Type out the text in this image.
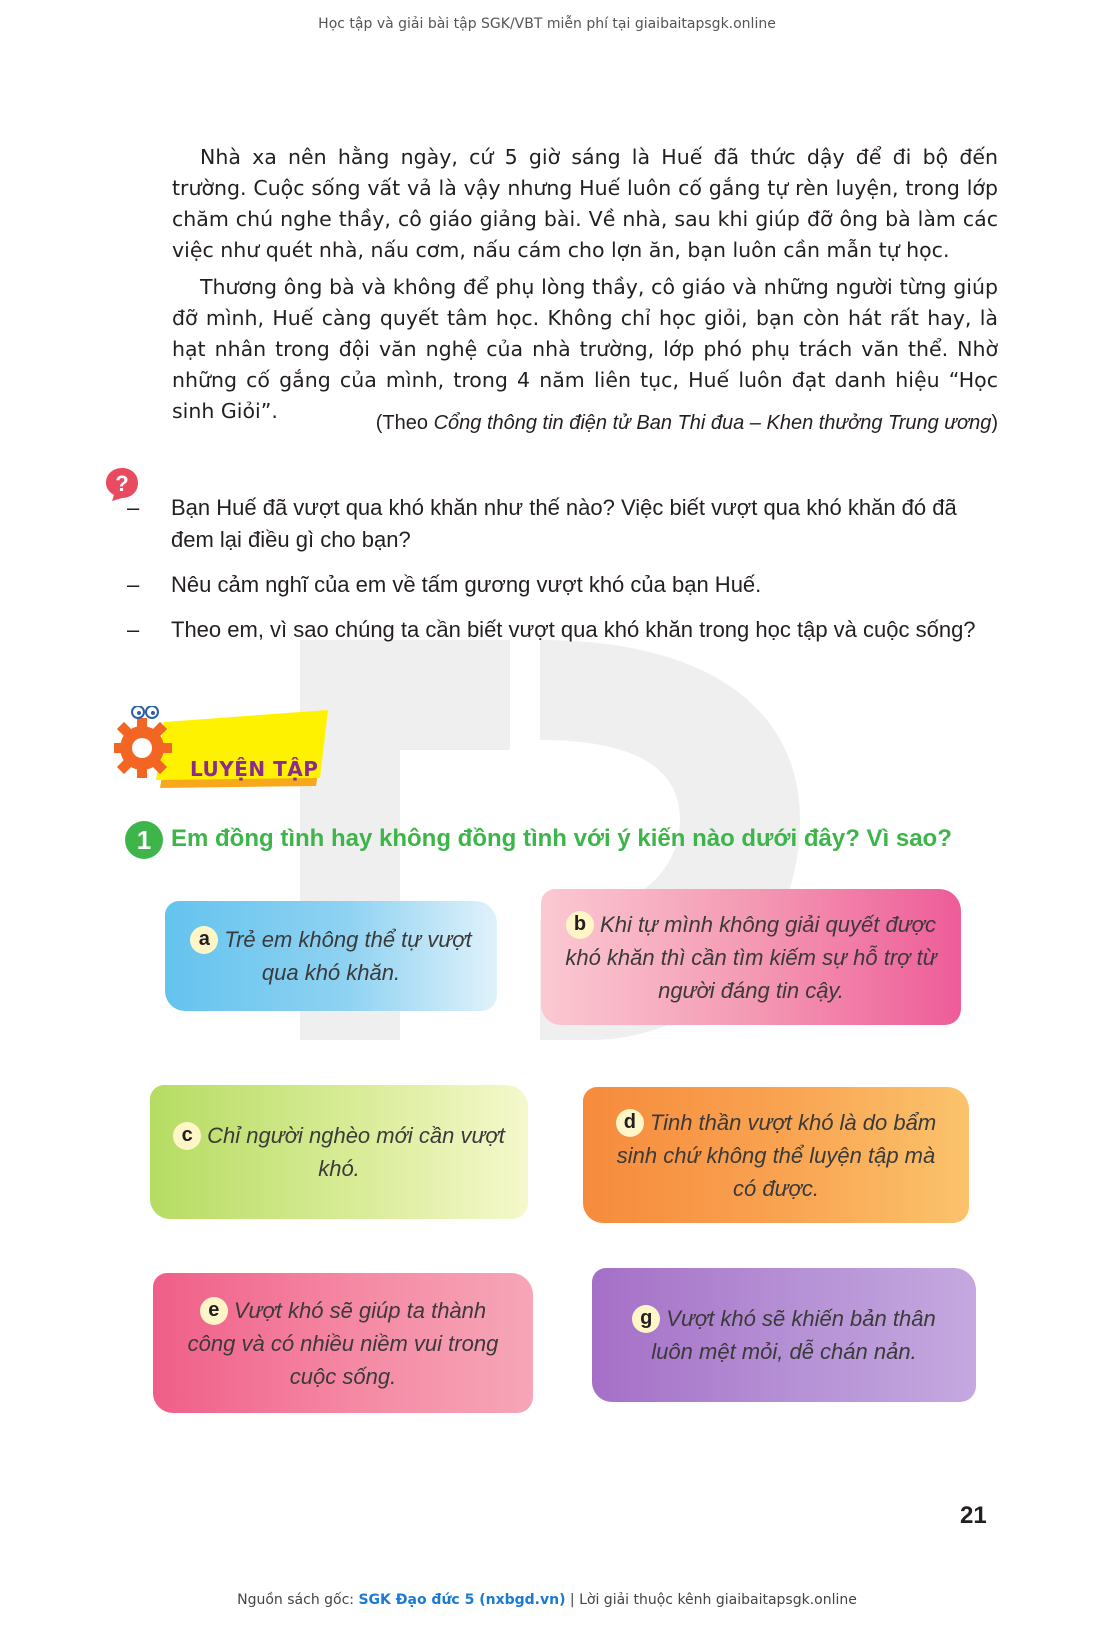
Học tập và giải bài tập SGK/VBT miễn phí tại giaibaitapsgk.online

Nhà xa nên hằng ngày, cứ 5 giờ sáng là Huế đã thức dậy để đi bộ đến trường. Cuộc sống vất vả là vậy nhưng Huế luôn cố gắng tự rèn luyện, trong lớp chăm chú nghe thầy, cô giáo giảng bài. Về nhà, sau khi giúp đỡ ông bà làm các việc như quét nhà, nấu cơm, nấu cám cho lợn ăn, bạn luôn cần mẫn tự học.

Thương ông bà và không để phụ lòng thầy, cô giáo và những người từng giúp đỡ mình, Huế càng quyết tâm học. Không chỉ học giỏi, bạn còn hát rất hay, là hạt nhân trong đội văn nghệ của nhà trường, lớp phó phụ trách văn thể. Nhờ những cố gắng của mình, trong 4 năm liên tục, Huế luôn đạt danh hiệu “Học sinh Giỏi”.	(Theo Cổng thông tin điện tử Ban Thi đua – Khen thưởng Trung ương)
?
–	Bạn Huế đã vượt qua khó khăn như thế nào? Việc biết vượt qua khó khăn đó đã đem lại điều gì cho bạn?
–	Nêu cảm nghĩ của em về tấm gương vượt khó của bạn Huế.
–	Theo em, vì sao chúng ta cần biết vượt qua khó khăn trong học tập và cuộc sống?
LUYỆN TẬP
1 Em đồng tình hay không đồng tình với ý kiến nào dưới đây? Vì sao?
a Trẻ em không thể tự vượt qua khó khăn.
b Khi tự mình không giải quyết được khó khăn thì cần tìm kiếm sự hỗ trợ từ người đáng tin cậy.
c Chỉ người nghèo mới cần vượt khó.
d Tinh thần vượt khó là do bẩm sinh chứ không thể luyện tập mà có được.
e Vượt khó sẽ giúp ta thành công và có nhiều niềm vui trong cuộc sống.
g Vượt khó sẽ khiến bản thân luôn mệt mỏi, dễ chán nản.
21
Nguồn sách gốc: SGK Đạo đức 5 (nxbgd.vn) | Lời giải thuộc kênh giaibaitapsgk.online
